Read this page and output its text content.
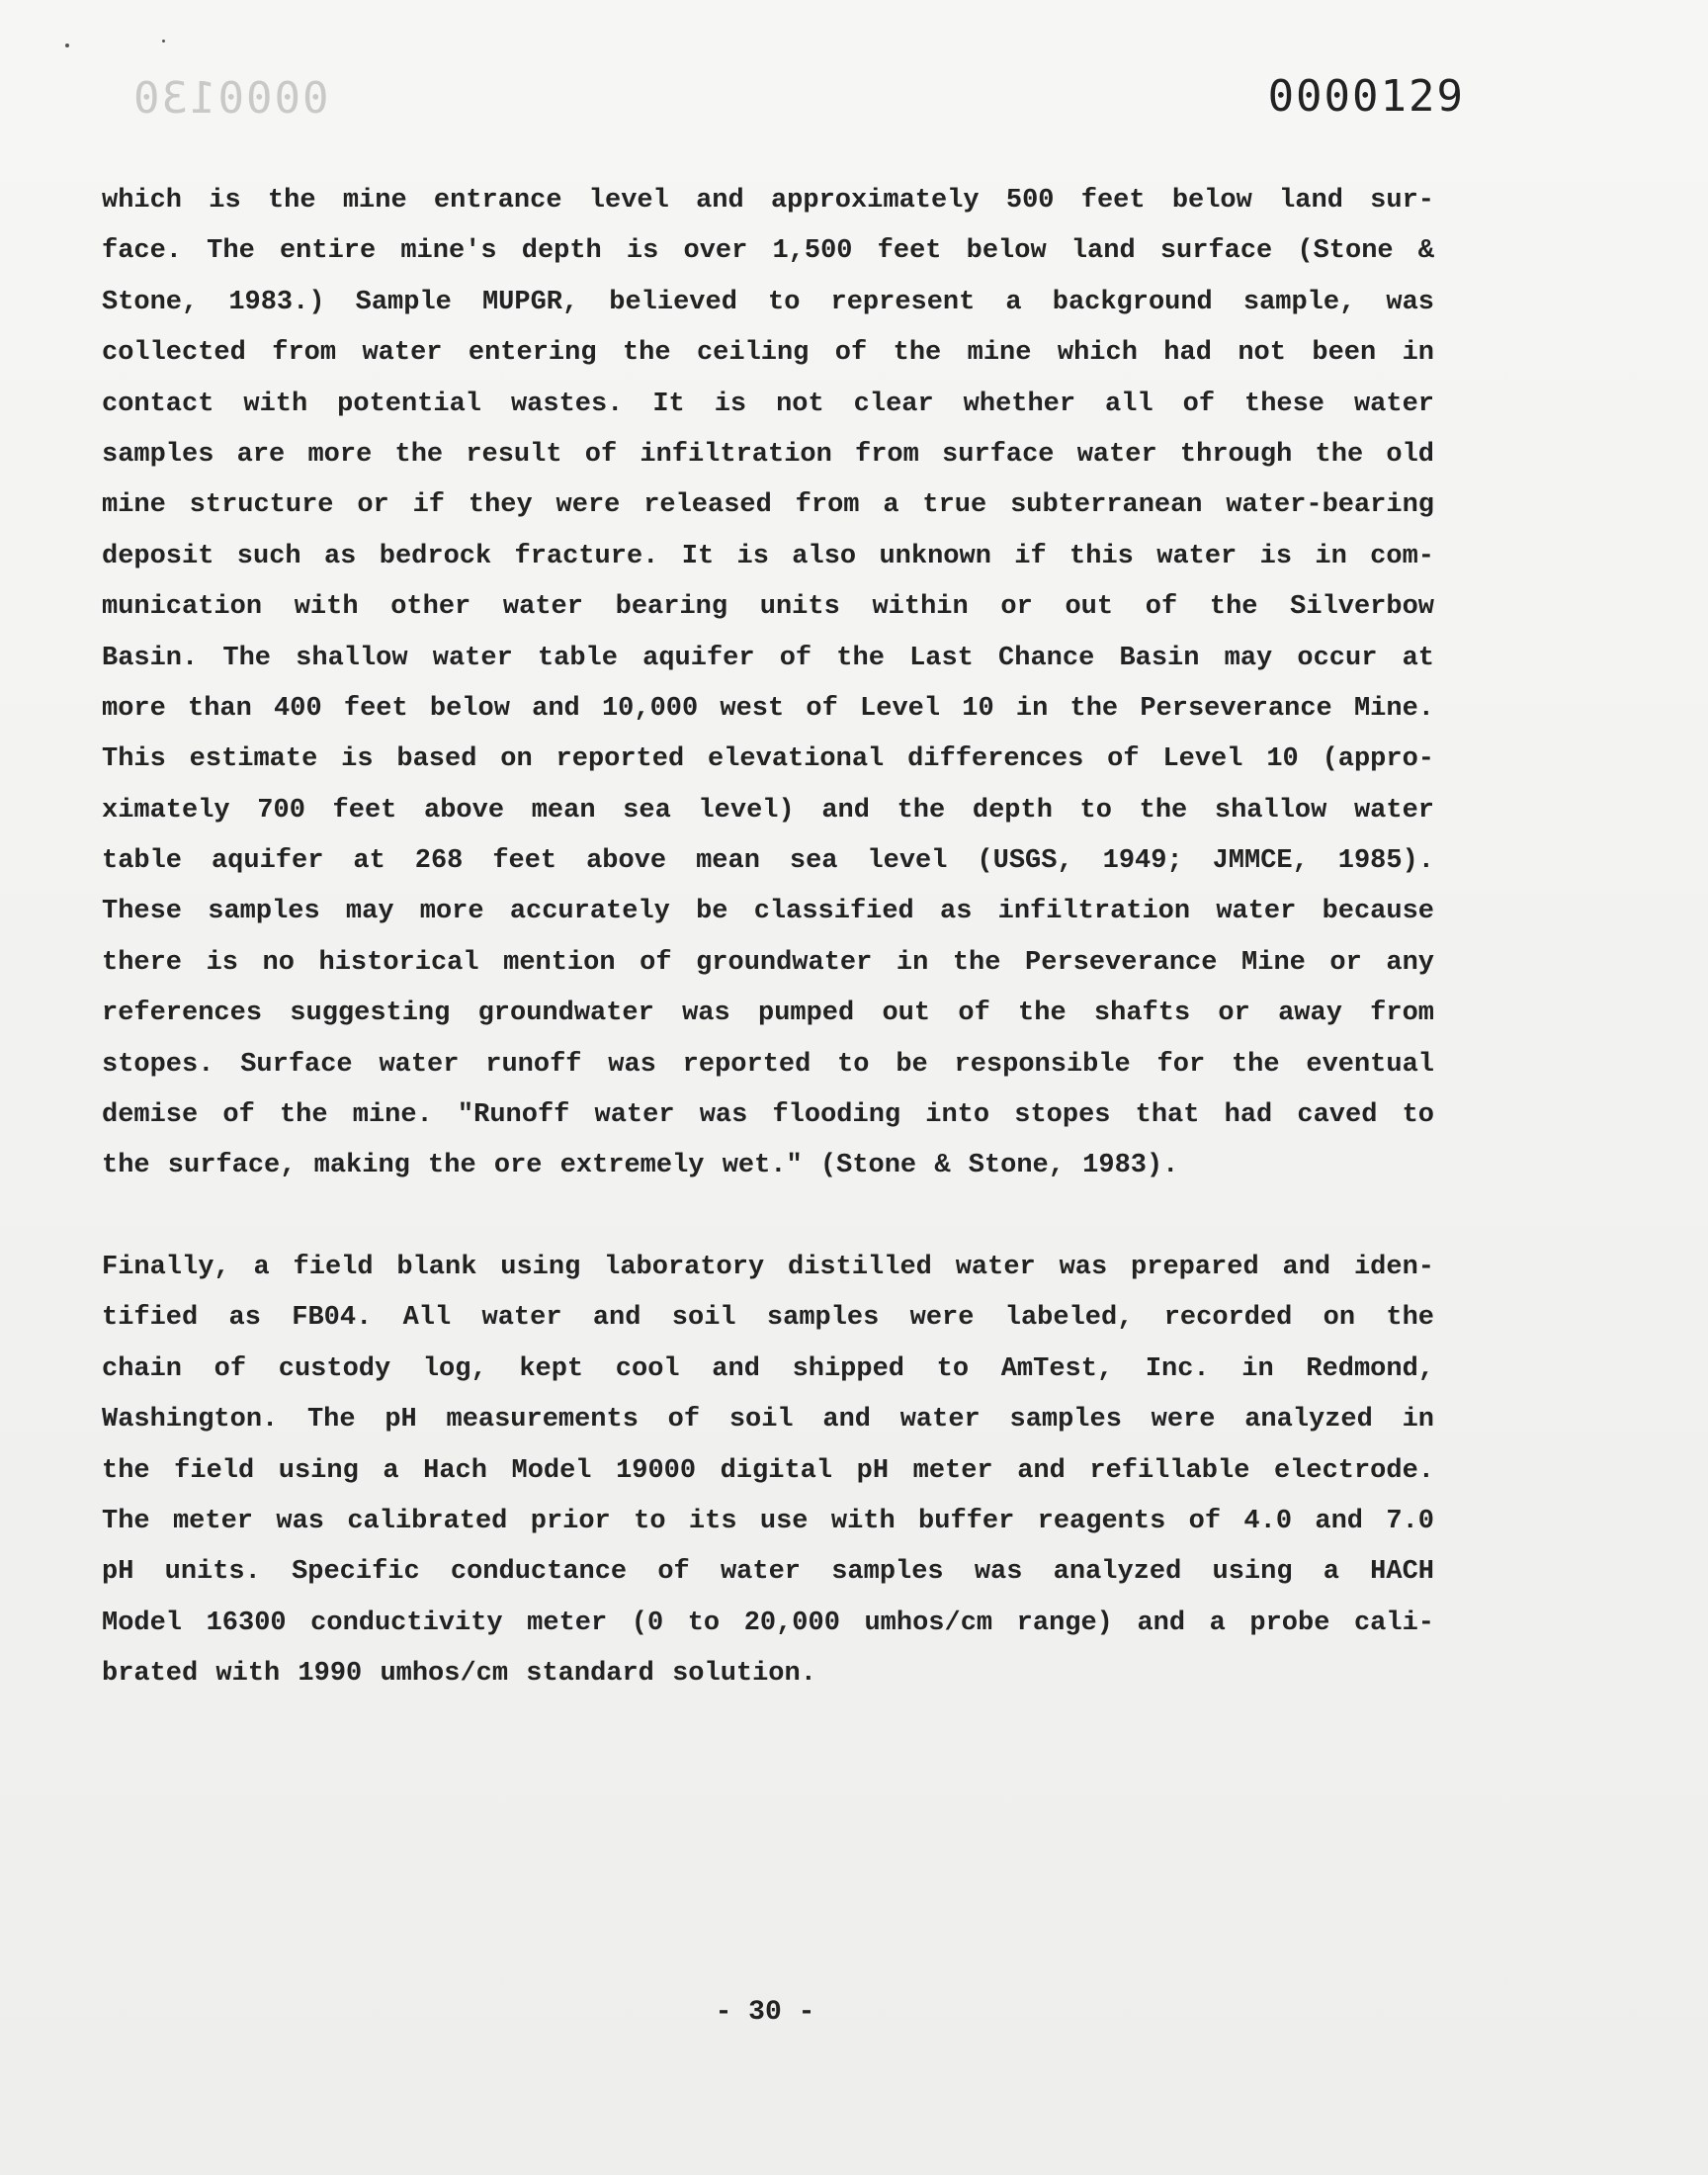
0000130	0000129

which is the mine entrance level and approximately 500 feet below land sur-
face. The entire mine's depth is over 1,500 feet below land surface (Stone &
Stone, 1983.) Sample MUPGR, believed to represent a background sample, was
collected from water entering the ceiling of the mine which had not been in
contact with potential wastes. It is not clear whether all of these water
samples are more the result of infiltration from surface water through the old
mine structure or if they were released from a true subterranean water-bearing
deposit such as bedrock fracture. It is also unknown if this water is in com-
munication with other water bearing units within or out of the Silverbow
Basin. The shallow water table aquifer of the Last Chance Basin may occur at
more than 400 feet below and 10,000 west of Level 10 in the Perseverance Mine.
This estimate is based on reported elevational differences of Level 10 (appro-
ximately 700 feet above mean sea level) and the depth to the shallow water
table aquifer at 268 feet above mean sea level (USGS, 1949; JMMCE, 1985).
These samples may more accurately be classified as infiltration water because
there is no historical mention of groundwater in the Perseverance Mine or any
references suggesting groundwater was pumped out of the shafts or away from
stopes. Surface water runoff was reported to be responsible for the eventual
demise of the mine. "Runoff water was flooding into stopes that had caved to
the surface, making the ore extremely wet." (Stone & Stone, 1983).
Finally, a field blank using laboratory distilled water was prepared and iden-
tified as FB04. All water and soil samples were labeled, recorded on the
chain of custody log, kept cool and shipped to AmTest, Inc. in Redmond,
Washington. The pH measurements of soil and water samples were analyzed in
the field using a Hach Model 19000 digital pH meter and refillable electrode.
The meter was calibrated prior to its use with buffer reagents of 4.0 and 7.0
pH units. Specific conductance of water samples was analyzed using a HACH
Model 16300 conductivity meter (0 to 20,000 umhos/cm range) and a probe cali-
brated with 1990 umhos/cm standard solution.

- 30 -
